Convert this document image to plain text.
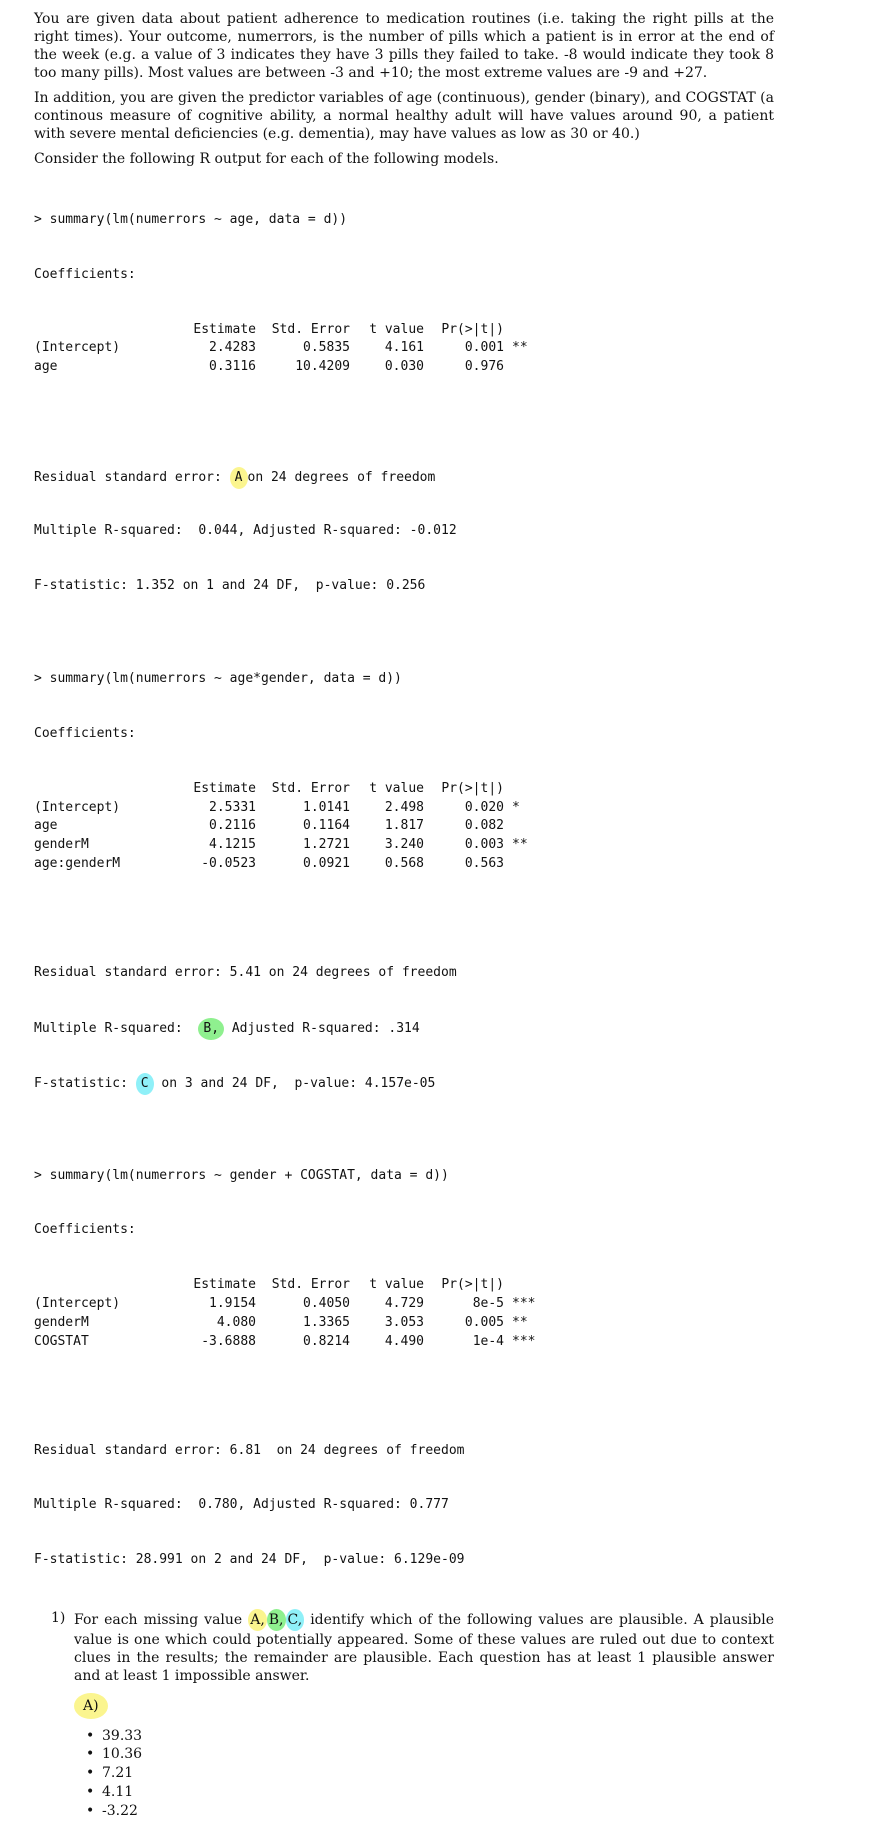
You are given data about patient adherence to medication routines (i.e. taking the right pills at the right times). Your outcome, numerrors, is the number of pills which a patient is in error at the end of the week (e.g. a value of 3 indicates they have 3 pills they failed to take. -8 would indicate they took 8 too many pills). Most values are between -3 and +10; the most extreme values are -9 and +27.

In addition, you are given the predictor variables of age (continuous), gender (binary), and COGSTAT (a continous measure of cognitive ability, a normal healthy adult will have values around 90, a patient with severe mental deficiencies (e.g. dementia), may have values as low as 30 or 40.)

Consider the following R output for each of the following models.

> summary(lm(numerrors ~ age, data = d))

Coefficients:

	Estimate	Std. Error	t value	Pr(>|t|)	
(Intercept)	2.4283	0.5835	4.161	0.001	**
age	0.3116	10.4209	0.030	0.976	

Residual standard error: A on 24 degrees of freedom

Multiple R-squared:  0.044, Adjusted R-squared: -0.012

F-statistic: 1.352 on 1 and 24 DF,  p-value: 0.256

> summary(lm(numerrors ~ age*gender, data = d))

Coefficients:

	Estimate	Std. Error	t value	Pr(>|t|)	
(Intercept)	2.5331	1.0141	2.498	0.020	*
age	0.2116	0.1164	1.817	0.082	
genderM	4.1215	1.2721	3.240	0.003	**
age:genderM	-0.0523	0.0921	0.568	0.563	

Residual standard error: 5.41 on 24 degrees of freedom

Multiple R-squared:  B, Adjusted R-squared: .314

F-statistic: C on 3 and 24 DF,  p-value: 4.157e-05

> summary(lm(numerrors ~ gender + COGSTAT, data = d))

Coefficients:

	Estimate	Std. Error	t value	Pr(>|t|)	
(Intercept)	1.9154	0.4050	4.729	8e-5	***
genderM	4.080	1.3365	3.053	0.005	**
COGSTAT	-3.6888	0.8214	4.490	1e-4	***

Residual standard error: 6.81  on 24 degrees of freedom

Multiple R-squared:  0.780, Adjusted R-squared: 0.777

F-statistic: 28.991 on 2 and 24 DF,  p-value: 6.129e-09

1) For each missing value A, B, C, identify which of the following values are plausible. A plausible value is one which could potentially appeared. Some of these values are ruled out due to context clues in the results; the remainder are plausible. Each question has at least 1 plausible answer and at least 1 impossible answer.
A)
• 39.33
• 10.36
• 7.21
• 4.11
• -3.22
